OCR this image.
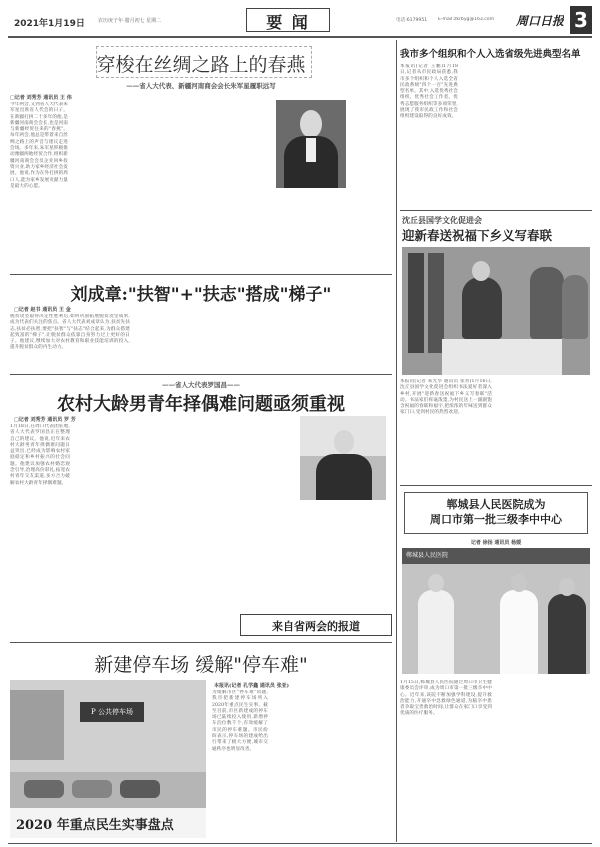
2021年1月19日	农历庚子年·腊月初七 星期二	要 闻	电话:6179951 E-mail:zkrbyg@163.com 周口日报 3
穿梭在丝绸之路上的春燕
——省人大代表、新疆河南商会会长朱军星履职远写
□记者 刘秀芳 通讯员 王 伟
今年两会,又到省人大代表朱军星出席省人代会的日子。在新疆打拼二十多年的他,是新疆河南商会会长,也是河南与新疆经贸往来的"春燕"。每年两会,他总是带着来自丝绸之路上的声音与建议走进会场。多年来,朱军星积极推动豫疆两地经贸合作,组织新疆河南商会会员企业回乡投资兴业,助力家乡经济社会发展。他说,作为在外打拼的周口人,能为家乡发展贡献力量是最大的心愿。
刘成章:"扶智"+"扶志"搭成"梯子"
□记者 赵书 通讯员 王 金
脱贫攻坚取得决定性胜利后,如何巩固拓展脱贫攻坚成果,成为代表们关注的焦点。省人大代表刘成章认为,扶贫先扶志,扶贫必扶智,要把"扶智"与"扶志"结合起来,为群众搭建起致富的"梯子",让脱贫群众依靠自身努力过上更好的日子。他建议,继续加大对农村教育和职业技能培训的投入,提升脱贫群众的内生动力。
——省人大代表罗国昌——
农村大龄男青年择偶难问题亟须重视
□记者 刘秀芳 通讯员 罗 芳
1月18日,在周口代表团驻地,省人大代表罗国昌正在整理自己的建议。他说,近年来农村大龄男青年择偶难问题日益突出,已经成为影响农村家庭稳定和乡村振兴的社会问题。他建议加强农村婚恋观念引导,治理高价彩礼,拓宽农村青年交友渠道,多方合力破解农村大龄青年择偶难题。
来自省两会的报道
新建停车场 缓解"停车难"
P 公共停车场
2020 年重点民生实事盘点
本报讯(记者 孔学鑫 通讯员 张亚)
为缓解市区"停车难"问题,我市把新建停车场列入2020年重点民生实事。截至目前,市区新建成的停车场已陆续投入使用,新增停车泊位数千个,有效缓解了市民的停车难题。市民纷纷表示,停车场的建成给出行带来了极大方便,城市交通秩序也明显改善。
我市多个组织和个人入选省级先进典型名单
本报讯(记者 王鹏)1月18日,记者从市民政局获悉,我市多个组织和个人入选全省民政系统"四个一百"先进典型名单。其中,入选优秀社会组织、优秀社会工作者、优秀志愿服务组织等多项荣誉,展现了我市民政工作和社会组织建设取得的良好成效。
沈丘县国学文化促进会
迎新春送祝福下乡义写春联
本报讯(记者 朱光华 通讯员 张青)1月16日,沈丘县国学文化促进会组织书法爱好者深入乡村,开展"迎新春送祝福下乡义写春联"活动。书法家们挥毫泼墨,为村民送上一副副饱含祝福的春联和福字,把浓浓的年味送到群众家门口,受到村民的热烈欢迎。
郸城县人民医院成为
周口市第一批三级李中中心
记者 徐扬 通讯员 杨媛
郸城县人民医院
1月15日,郸城县人民医院通过周口市卫生健康委员会评审,成为周口市第一批三级卒中中心。近年来,该院不断加强学科建设,提升救治能力,开通卒中急救绿色通道,为脑卒中患者争取宝贵救治时间,让群众在家门口享受到优质的医疗服务。
